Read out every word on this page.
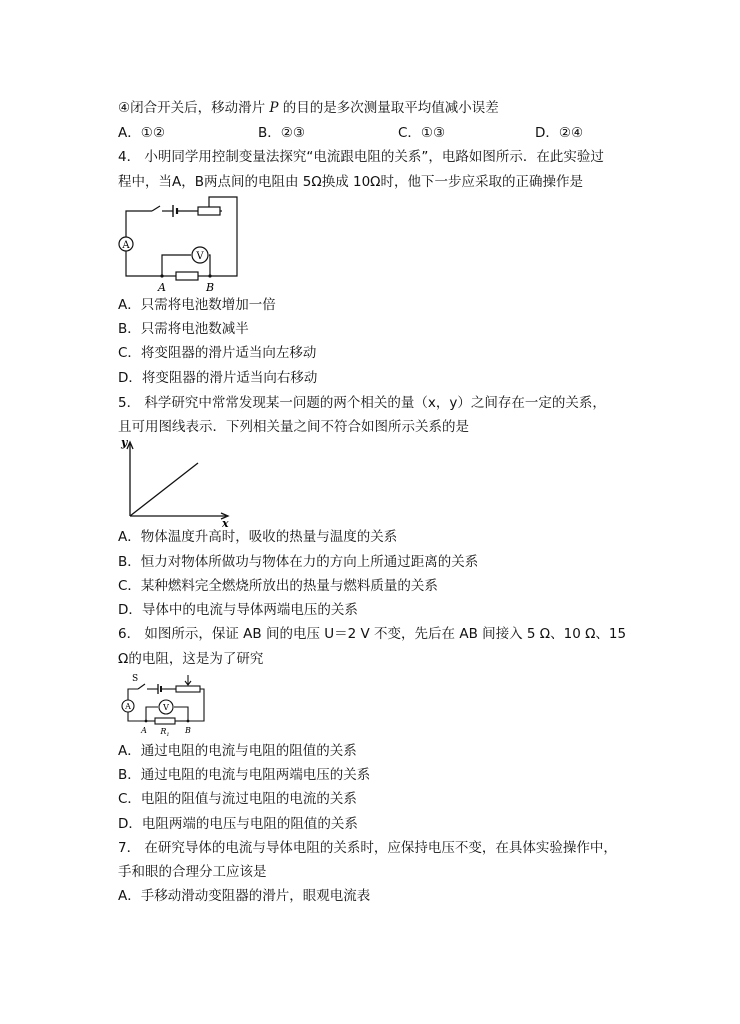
④闭合开关后，移动滑片 P 的目的是多次测量取平均值减小误差
A．①②	B．②③	C．①③	D．②④
4． 小明同学用控制变量法探究“电流跟电阻的关系”，电路如图所示．在此实验过
程中，当A，B两点间的电阻由 5Ω换成 10Ω时，他下一步应采取的正确操作是
A
V
A	B
A．只需将电池数增加一倍
B．只需将电池数减半
C．将变阻器的滑片适当向左移动
D．将变阻器的滑片适当向右移动
5． 科学研究中常常发现某一问题的两个相关的量（x，y）之间存在一定的关系，
且可用图线表示．下列相关量之间不符合如图所示关系的是
y
x
A．物体温度升高时，吸收的热量与温度的关系
B．恒力对物体所做功与物体在力的方向上所通过距离的关系
C．某种燃料完全燃烧所放出的热量与燃料质量的关系
D．导体中的电流与导体两端电压的关系
6． 如图所示，保证 AB 间的电压 U＝2 V 不变，先后在 AB 间接入 5 Ω、10 Ω、15
Ω的电阻，这是为了研究
S
A	V
A $R_1$ B
A．通过电阻的电流与电阻的阻值的关系
B．通过电阻的电流与电阻两端电压的关系
C．电阻的阻值与流过电阻的电流的关系
D．电阻两端的电压与电阻的阻值的关系
7． 在研究导体的电流与导体电阻的关系时，应保持电压不变，在具体实验操作中，
手和眼的合理分工应该是
A．手移动滑动变阻器的滑片，眼观电流表
